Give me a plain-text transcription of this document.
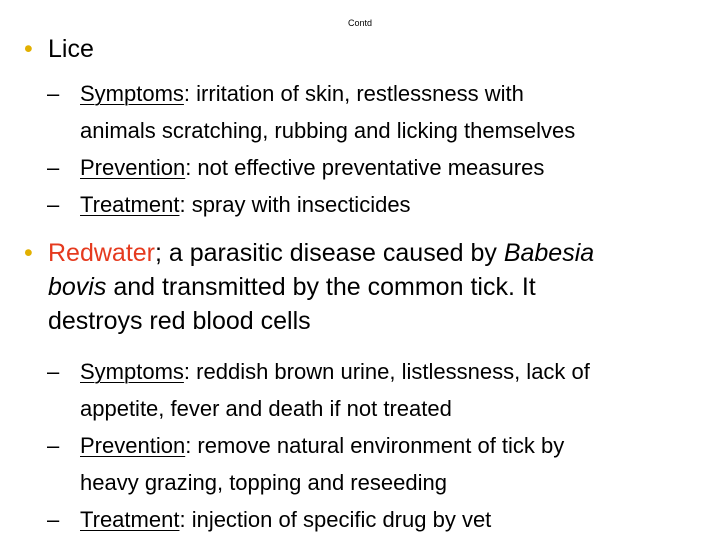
Contd
• Lice
– Symptoms: irritation of skin, restlessness with
animals scratching, rubbing and licking themselves
– Prevention: not effective preventative measures
– Treatment: spray with insecticides
• Redwater; a parasitic disease caused by Babesia
bovis and transmitted by the common tick. It
destroys red blood cells
– Symptoms: reddish brown urine, listlessness, lack of
appetite, fever and death if not treated
– Prevention: remove natural environment of tick by
heavy grazing, topping and reseeding
– Treatment: injection of specific drug by vet
